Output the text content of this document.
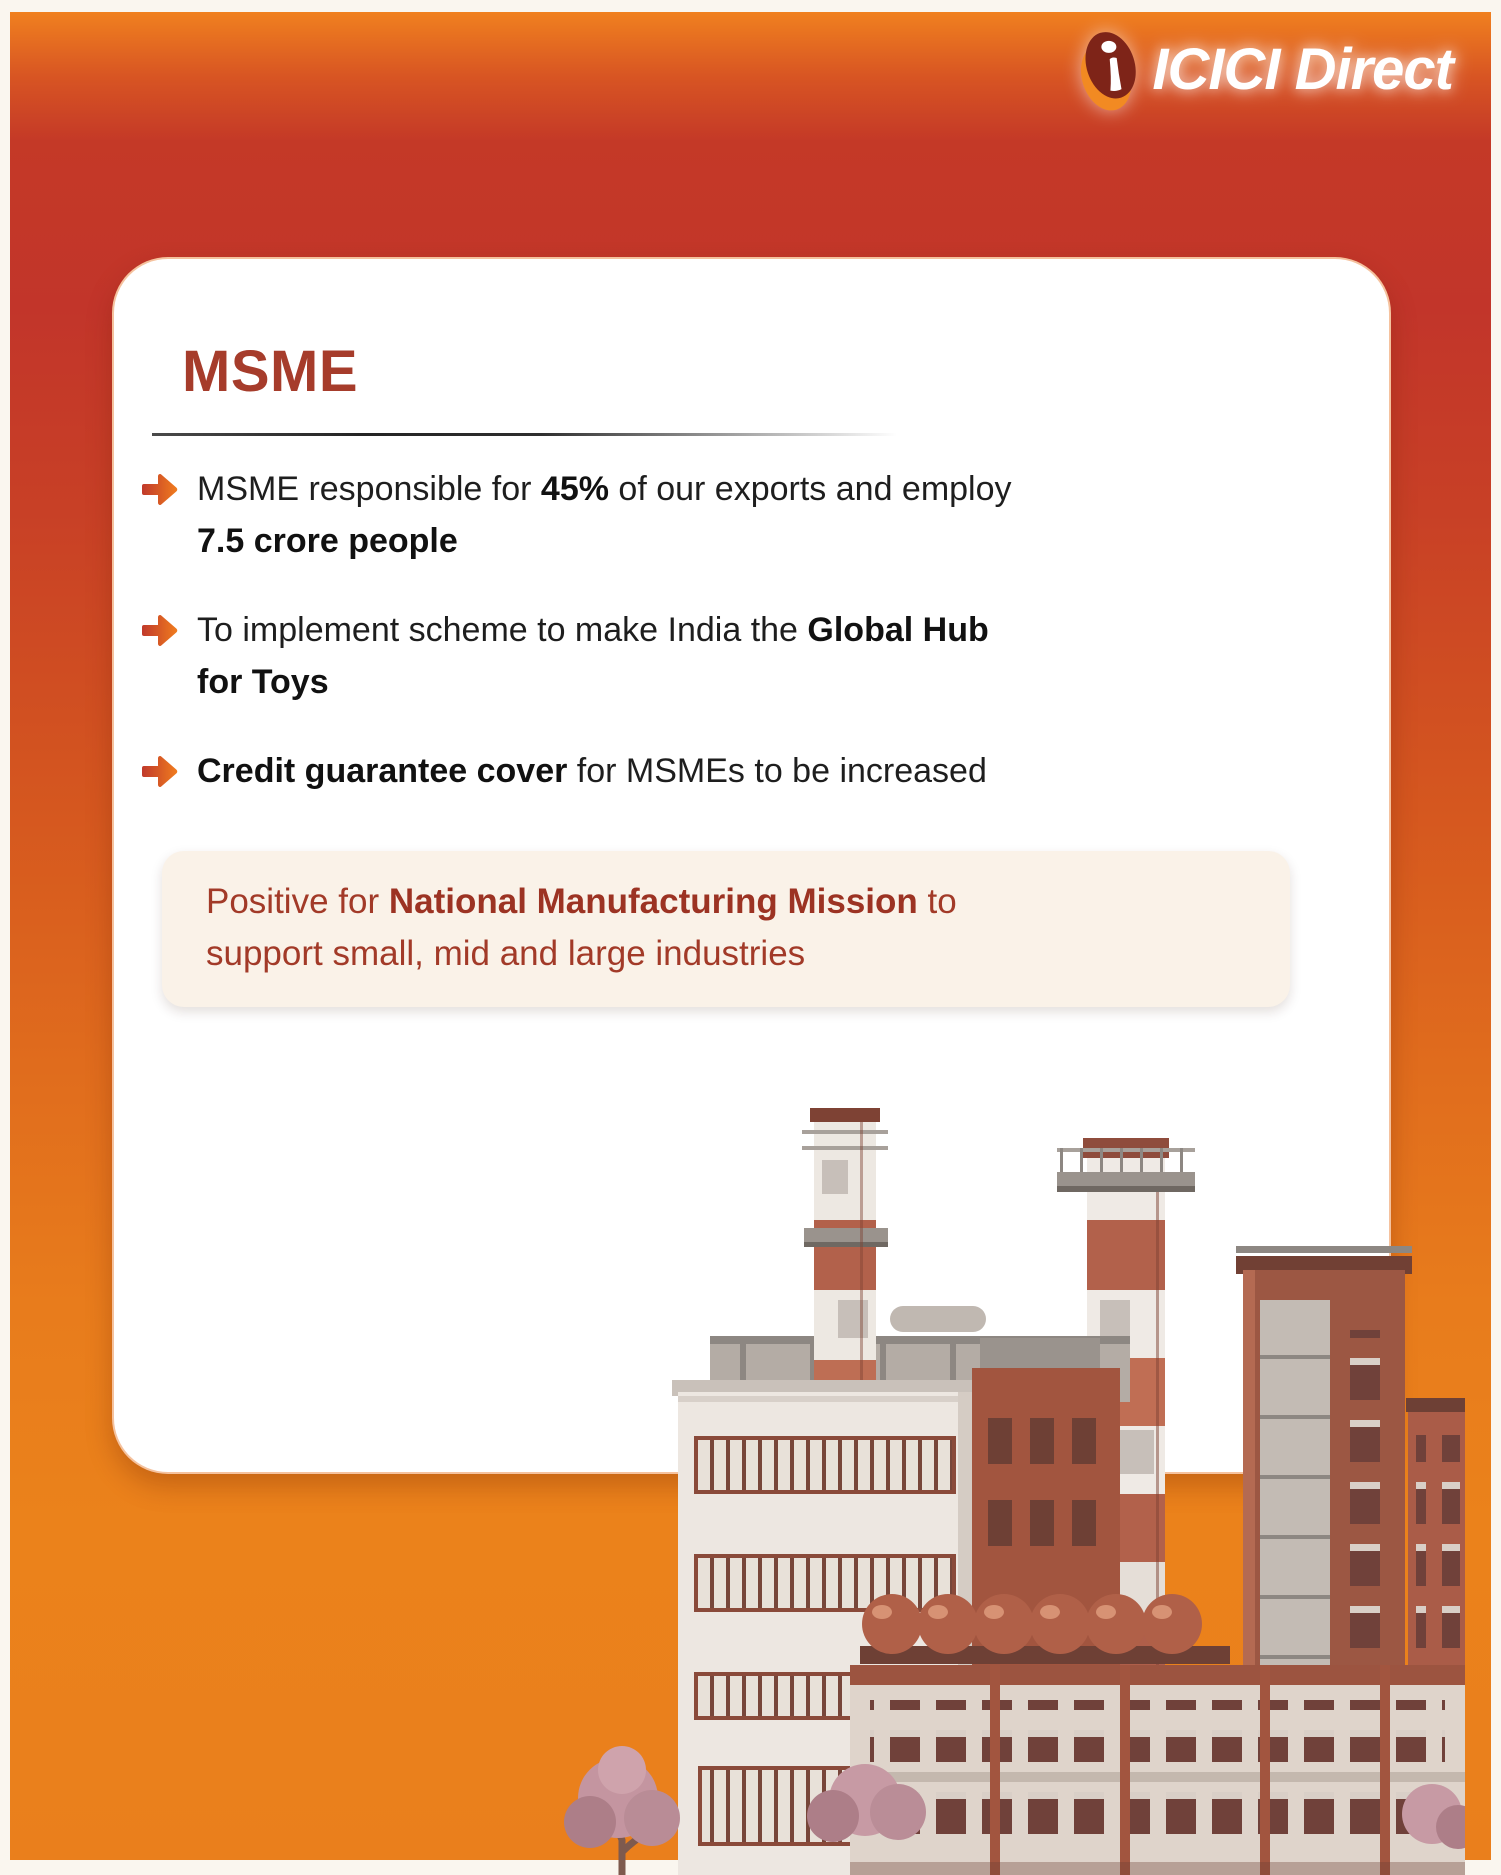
ICICI Direct
MSME
MSME responsible for 45% of our exports and employ
7.5 crore people
To implement scheme to make India the Global Hub
for Toys
Credit guarantee cover for MSMEs to be increased
Positive for National Manufacturing Mission to
support small, mid and large industries
